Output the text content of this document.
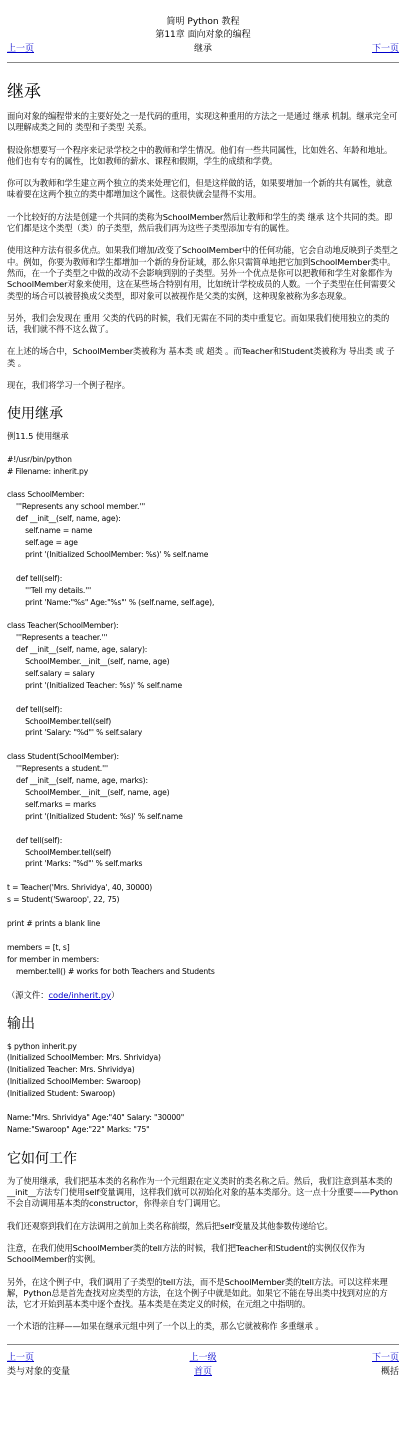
简明 Python 教程
第11章 面向对象的编程
上一页	继承	下一页
继承

面向对象的编程带来的主要好处之一是代码的重用，实现这种重用的方法之一是通过 继承 机制。继承完全可以理解成类之间的 类型和子类型 关系。

假设你想要写一个程序来记录学校之中的教师和学生情况。他们有一些共同属性，比如姓名、年龄和地址。他们也有专有的属性，比如教师的薪水、课程和假期，学生的成绩和学费。

你可以为教师和学生建立两个独立的类来处理它们，但是这样做的话，如果要增加一个新的共有属性，就意味着要在这两个独立的类中都增加这个属性。这很快就会显得不实用。

一个比较好的方法是创建一个共同的类称为SchoolMember然后让教师和学生的类 继承 这个共同的类。即它们都是这个类型（类）的子类型，然后我们再为这些子类型添加专有的属性。

使用这种方法有很多优点。如果我们增加/改变了SchoolMember中的任何功能，它会自动地反映到子类型之中。例如，你要为教师和学生都增加一个新的身份证域，那么你只需简单地把它加到SchoolMember类中。然而，在一个子类型之中做的改动不会影响到别的子类型。另外一个优点是你可以把教师和学生对象都作为SchoolMember对象来使用，这在某些场合特别有用，比如统计学校成员的人数。一个子类型在任何需要父类型的场合可以被替换成父类型，即对象可以被视作是父类的实例，这种现象被称为多态现象。

另外，我们会发现在 重用 父类的代码的时候，我们无需在不同的类中重复它。而如果我们使用独立的类的话，我们就不得不这么做了。

在上述的场合中，SchoolMember类被称为 基本类 或 超类 。而Teacher和Student类被称为 导出类 或 子类 。

现在，我们将学习一个例子程序。

使用继承

例11.5 使用继承

#!/usr/bin/python
# Filename: inherit.py

class SchoolMember:
'''Represents any school member.'''
def __init__(self, name, age):
self.name = name
self.age = age
print '(Initialized SchoolMember: %s)' % self.name

def tell(self):
'''Tell my details.'''
print 'Name:"%s" Age:"%s"' % (self.name, self.age),

class Teacher(SchoolMember):
'''Represents a teacher.'''
def __init__(self, name, age, salary):
SchoolMember.__init__(self, name, age)
self.salary = salary
print '(Initialized Teacher: %s)' % self.name

def tell(self):
SchoolMember.tell(self)
print 'Salary: "%d"' % self.salary

class Student(SchoolMember):
'''Represents a student.'''
def __init__(self, name, age, marks):
SchoolMember.__init__(self, name, age)
self.marks = marks
print '(Initialized Student: %s)' % self.name

def tell(self):
SchoolMember.tell(self)
print 'Marks: "%d"' % self.marks

t = Teacher('Mrs. Shrividya', 40, 30000)
s = Student('Swaroop', 22, 75)

print # prints a blank line

members = [t, s]
for member in members:
member.tell() # works for both Teachers and Students
（源文件：code/inherit.py）
输出
$ python inherit.py
(Initialized SchoolMember: Mrs. Shrividya)
(Initialized Teacher: Mrs. Shrividya)
(Initialized SchoolMember: Swaroop)
(Initialized Student: Swaroop)

Name:"Mrs. Shrividya" Age:"40" Salary: "30000"
Name:"Swaroop" Age:"22" Marks: "75"
它如何工作

为了使用继承，我们把基本类的名称作为一个元组跟在定义类时的类名称之后。然后，我们注意到基本类的__init__方法专门使用self变量调用，这样我们就可以初始化对象的基本类部分。这一点十分重要——Python不会自动调用基本类的constructor，你得亲自专门调用它。

我们还观察到我们在方法调用之前加上类名称前缀，然后把self变量及其他参数传递给它。

注意，在我们使用SchoolMember类的tell方法的时候，我们把Teacher和Student的实例仅仅作为SchoolMember的实例。

另外，在这个例子中，我们调用了子类型的tell方法，而不是SchoolMember类的tell方法。可以这样来理解，Python总是首先查找对应类型的方法，在这个例子中就是如此。如果它不能在导出类中找到对应的方法，它才开始到基本类中逐个查找。基本类是在类定义的时候，在元组之中指明的。

一个术语的注释——如果在继承元组中列了一个以上的类，那么它就被称作 多重继承 。

上一页	上一级	下一页
类与对象的变量	首页	概括
